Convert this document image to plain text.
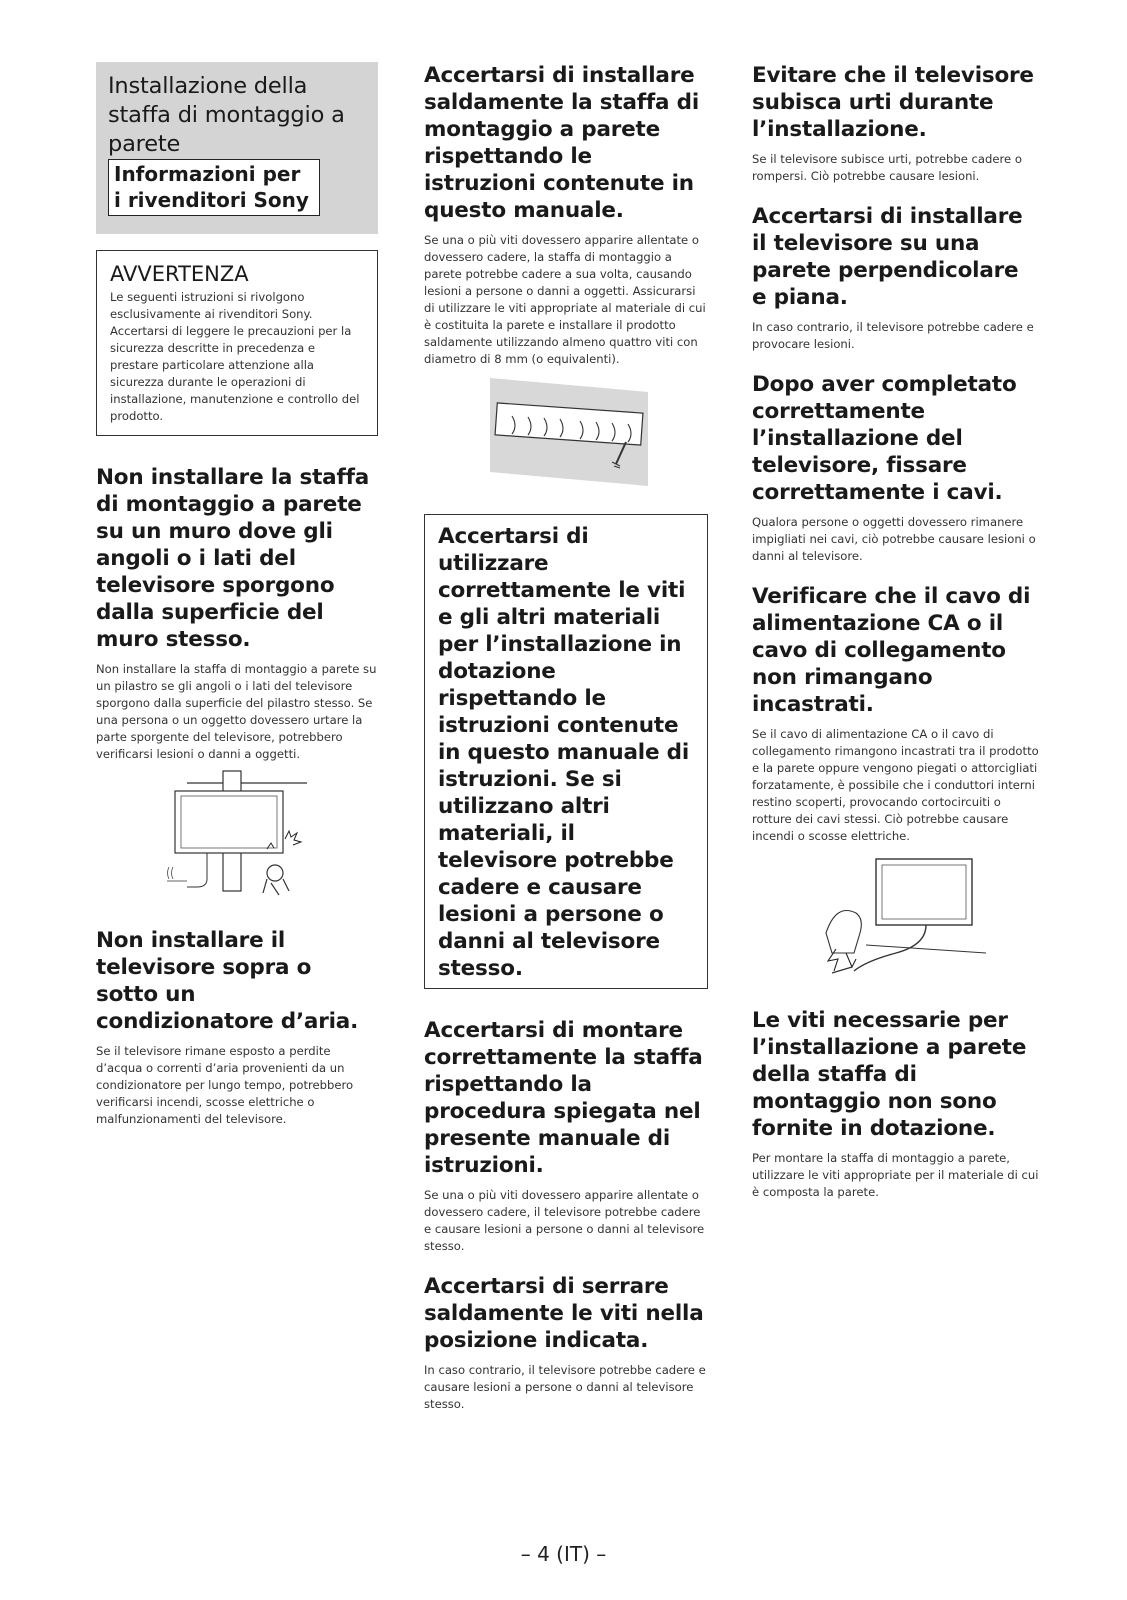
Installazione della staffa di montaggio a parete
Informazioni per i rivenditori Sony
AVVERTENZA

Le seguenti istruzioni si rivolgono esclusivamente ai rivenditori Sony. Accertarsi di leggere le precauzioni per la sicurezza descritte in precedenza e prestare particolare attenzione alla sicurezza durante le operazioni di installazione, manutenzione e controllo del prodotto.

Non installare la staffa di montaggio a parete su un muro dove gli angoli o i lati del televisore sporgono dalla superficie del muro stesso.

Non installare la staffa di montaggio a parete su un pilastro se gli angoli o i lati del televisore sporgono dalla superficie del pilastro stesso. Se una persona o un oggetto dovessero urtare la parte sporgente del televisore, potrebbero verificarsi lesioni o danni a oggetti.

Non installare il televisore sopra o sotto un condizionatore d’aria.

Se il televisore rimane esposto a perdite d’acqua o correnti d’aria provenienti da un condizionatore per lungo tempo, potrebbero verificarsi incendi, scosse elettriche o malfunzionamenti del televisore.

Accertarsi di installare saldamente la staffa di montaggio a parete rispettando le istruzioni contenute in questo manuale.

Se una o più viti dovessero apparire allentate o dovessero cadere, la staffa di montaggio a parete potrebbe cadere a sua volta, causando lesioni a persone o danni a oggetti. Assicurarsi di utilizzare le viti appropriate al materiale di cui è costituita la parete e installare il prodotto saldamente utilizzando almeno quattro viti con diametro di 8 mm (o equivalenti).

Accertarsi di utilizzare correttamente le viti e gli altri materiali per l’installazione in dotazione rispettando le istruzioni contenute in questo manuale di istruzioni. Se si utilizzano altri materiali, il televisore potrebbe cadere e causare lesioni a persone o danni al televisore stesso.

Accertarsi di montare correttamente la staffa rispettando la procedura spiegata nel presente manuale di istruzioni.

Se una o più viti dovessero apparire allentate o dovessero cadere, il televisore potrebbe cadere e causare lesioni a persone o danni al televisore stesso.

Accertarsi di serrare saldamente le viti nella posizione indicata.

In caso contrario, il televisore potrebbe cadere e causare lesioni a persone o danni al televisore stesso.

Evitare che il televisore subisca urti durante l’installazione.

Se il televisore subisce urti, potrebbe cadere o rompersi. Ciò potrebbe causare lesioni.

Accertarsi di installare il televisore su una parete perpendicolare e piana.

In caso contrario, il televisore potrebbe cadere e provocare lesioni.

Dopo aver completato correttamente l’installazione del televisore, fissare correttamente i cavi.

Qualora persone o oggetti dovessero rimanere impigliati nei cavi, ciò potrebbe causare lesioni o danni al televisore.

Verificare che il cavo di alimentazione CA o il cavo di collegamento non rimangano incastrati.

Se il cavo di alimentazione CA o il cavo di collegamento rimangono incastrati tra il prodotto e la parete oppure vengono piegati o attorcigliati forzatamente, è possibile che i conduttori interni restino scoperti, provocando cortocircuiti o rotture dei cavi stessi. Ciò potrebbe causare incendi o scosse elettriche.

Le viti necessarie per l’installazione a parete della staffa di montaggio non sono fornite in dotazione.

Per montare la staffa di montaggio a parete, utilizzare le viti appropriate per il materiale di cui è composta la parete.

– 4 (IT) –
